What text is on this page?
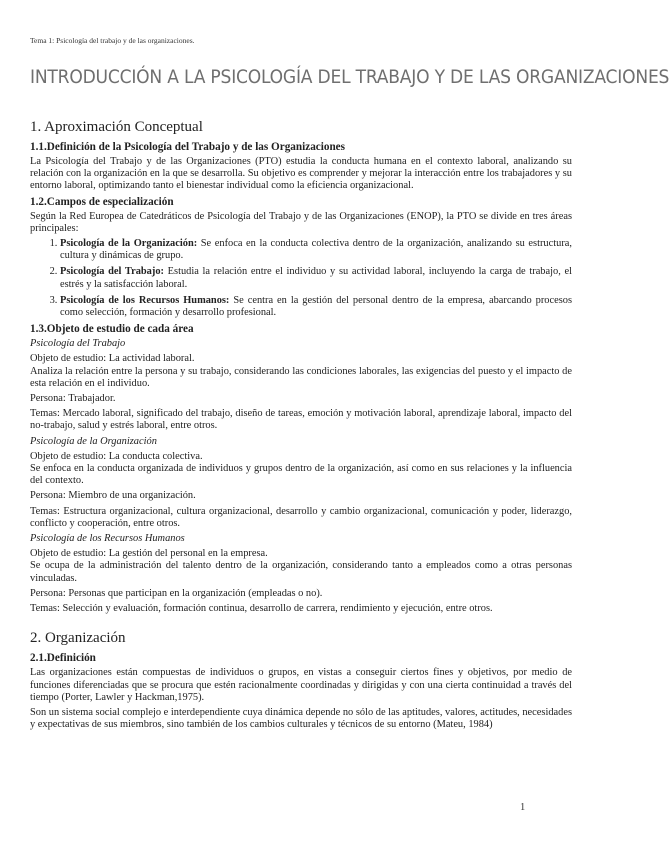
Tema 1: Psicología del trabajo y de las organizaciones.
INTRODUCCIÓN A LA PSICOLOGÍA DEL TRABAJO Y DE LAS ORGANIZACIONES
1. Aproximación Conceptual
1.1.Definición de la Psicología del Trabajo y de las Organizaciones

La Psicología del Trabajo y de las Organizaciones (PTO) estudia la conducta humana en el contexto laboral, analizando su relación con la organización en la que se desarrolla. Su objetivo es comprender y mejorar la interacción entre los trabajadores y su entorno laboral, optimizando tanto el bienestar individual como la eficiencia organizacional.

1.2.Campos de especialización

Según la Red Europea de Catedráticos de Psicología del Trabajo y de las Organizaciones (ENOP), la PTO se divide en tres áreas principales:

1. Psicología de la Organización: Se enfoca en la conducta colectiva dentro de la organización, analizando su estructura, cultura y dinámicas de grupo.
2. Psicología del Trabajo: Estudia la relación entre el individuo y su actividad laboral, incluyendo la carga de trabajo, el estrés y la satisfacción laboral.
3. Psicología de los Recursos Humanos: Se centra en la gestión del personal dentro de la empresa, abarcando procesos como selección, formación y desarrollo profesional.
1.3.Objeto de estudio de cada área
Psicología del Trabajo

Objeto de estudio: La actividad laboral.

Analiza la relación entre la persona y su trabajo, considerando las condiciones laborales, las exigencias del puesto y el impacto de esta relación en el individuo.

Persona: Trabajador.

Temas: Mercado laboral, significado del trabajo, diseño de tareas, emoción y motivación laboral, aprendizaje laboral, impacto del no-trabajo, salud y estrés laboral, entre otros.

Psicología de la Organización

Objeto de estudio: La conducta colectiva.

Se enfoca en la conducta organizada de individuos y grupos dentro de la organización, así como en sus relaciones y la influencia del contexto.

Persona: Miembro de una organización.

Temas: Estructura organizacional, cultura organizacional, desarrollo y cambio organizacional, comunicación y poder, liderazgo, conflicto y cooperación, entre otros.

Psicología de los Recursos Humanos

Objeto de estudio: La gestión del personal en la empresa.

Se ocupa de la administración del talento dentro de la organización, considerando tanto a empleados como a otras personas vinculadas.

Persona: Personas que participan en la organización (empleadas o no).

Temas: Selección y evaluación, formación continua, desarrollo de carrera, rendimiento y ejecución, entre otros.

2. Organización
2.1.Definición

Las organizaciones están compuestas de individuos o grupos, en vistas a conseguir ciertos fines y objetivos, por medio de funciones diferenciadas que se procura que estén racionalmente coordinadas y dirigidas y con una cierta continuidad a través del tiempo (Porter, Lawler y Hackman,1975).

Son un sistema social complejo e interdependiente cuya dinámica depende no sólo de las aptitudes, valores, actitudes, necesidades y expectativas de sus miembros, sino también de los cambios culturales y técnicos de su entorno (Mateu, 1984)

1
